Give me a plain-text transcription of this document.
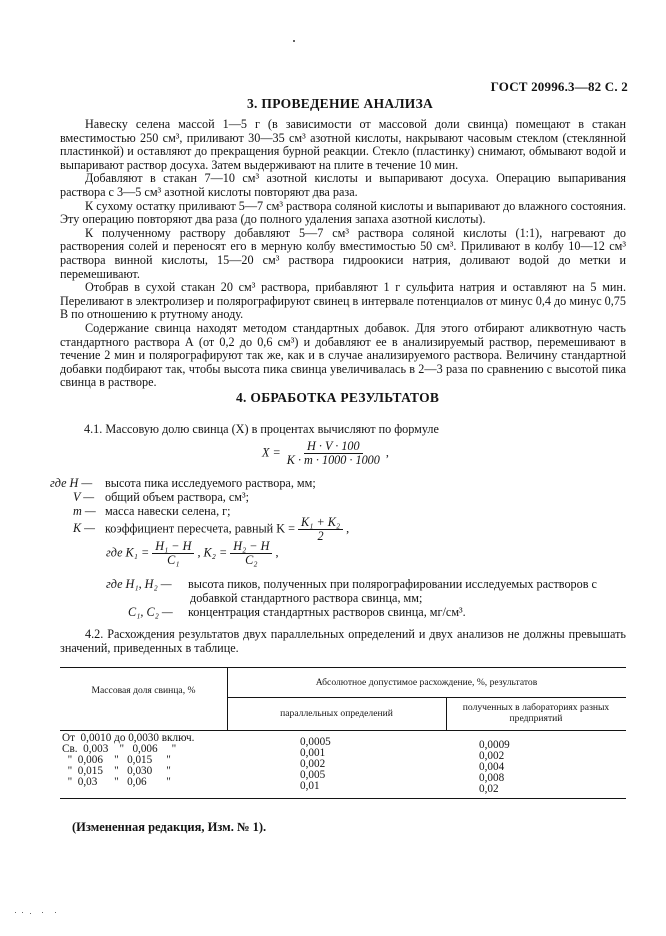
ГОСТ 20996.3—82 С. 2
3. ПРОВЕДЕНИЕ АНАЛИЗА

Навеску селена массой 1—5 г (в зависимости от массовой доли свинца) помещают в стакан вместимостью 250 см³, приливают 30—35 см³ азотной кислоты, накрывают часовым стеклом (стеклянной пластинкой) и оставляют до прекращения бурной реакции. Стекло (пластинку) снимают, обмывают водой и выпаривают раствор досуха. Затем выдерживают на плите в течение 10 мин.

Добавляют в стакан 7—10 см³ азотной кислоты и выпаривают досуха. Операцию выпаривания раствора с 3—5 см³ азотной кислоты повторяют два раза.

К сухому остатку приливают 5—7 см³ раствора соляной кислоты и выпаривают до влажного состояния. Эту операцию повторяют два раза (до полного удаления запаха азотной кислоты).

К полученному раствору добавляют 5—7 см³ раствора соляной кислоты (1:1), нагревают до растворения солей и переносят его в мерную колбу вместимостью 50 см³. Приливают в колбу 10—12 см³ раствора винной кислоты, 15—20 см³ раствора гидроокиси натрия, доливают водой до метки и перемешивают.

Отобрав в сухой стакан 20 см³ раствора, прибавляют 1 г сульфита натрия и оставляют на 5 мин. Переливают в электролизер и полярографируют свинец в интервале потенциалов от минус 0,4 до минус 0,75 В по отношению к ртутному аноду.

Содержание свинца находят методом стандартных добавок. Для этого отбирают аликвотную часть стандартного раствора А (от 0,2 до 0,6 см³) и добавляют ее в анализируемый раствор, перемешивают в течение 2 мин и полярографируют так же, как и в случае анализируемого раствора. Величину стандартной добавки подбирают так, чтобы высота пика свинца увеличивалась в 2—3 раза по сравнению с высотой пика свинца в растворе.

4. ОБРАБОТКА РЕЗУЛЬТАТОВ
4.1. Массовую долю свинца (X) в процентах вычисляют по формуле
$X = \frac{H \cdot V \cdot 100}{K \cdot m \cdot 1000 \cdot 1000}$ ,
где H — высота пика исследуемого раствора, мм;
V — общий объем раствора, см³;
m — масса навески селена, г;
K — коэффициент пересчета, равный $K = \frac{\text{K₁ + K₂}}{2}$ ,
где $K_1 = \frac{\text{H₁ − H}}{\text{C₁}}$ , $K_2 = \frac{\text{H₂ − H}}{\text{C₂}}$ ,
где H₁, H₂ — высота пиков, полученных при полярографировании исследуемых растворов с
добавкой стандартного раствора свинца, мм;
C₁, C₂ — концентрация стандартных растворов свинца, мг/см³.

4.2. Расхождения результатов двух параллельных определений и двух анализов не должны превышать значений, приведенных в таблице.

Массовая доля свинца, %
Абсолютное допустимое расхождение, %, результатов
параллельных определений
полученных в лабораториях разных предприятий
От  0,0010 до 0,0030 включ.	0,0005	0,0009
Св.  0,003    "   0,006     "	0,001	0,002
"  0,006    "   0,015     "	0,002	0,004
"  0,015    "   0,030     "	0,005	0,008
"  0,03      "   0,06       "	0,01	0,02
(Измененная редакция, Изм. № 1).
